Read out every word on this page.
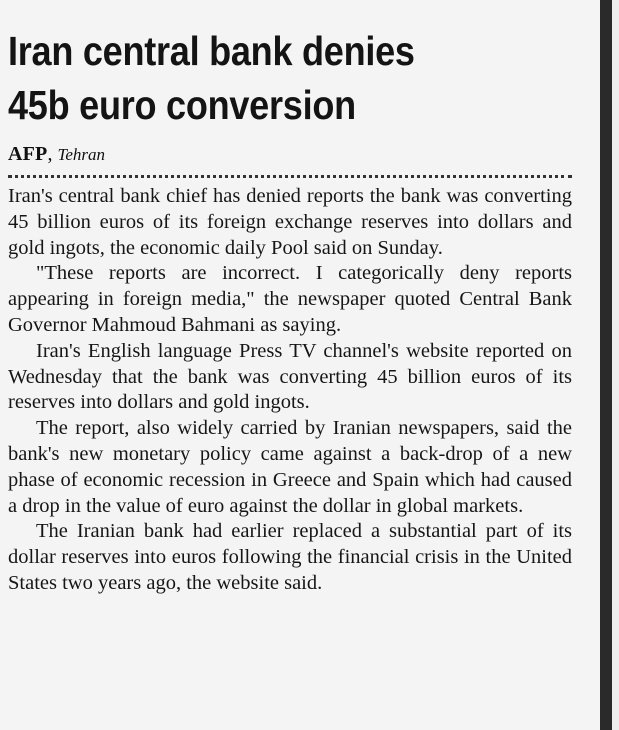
Iran central bank denies
45b euro conversion
AFP, Tehran

Iran's central bank chief has denied reports the bank was converting 45 billion euros of its foreign exchange reserves into dollars and gold ingots, the economic daily Pool said on Sunday.

"These reports are incorrect. I categorically deny reports appearing in foreign media," the newspaper quoted Central Bank Governor Mahmoud Bahmani as saying.

Iran's English language Press TV channel's website reported on Wednesday that the bank was converting 45 billion euros of its reserves into dollars and gold ingots.

The report, also widely carried by Iranian newspapers, said the bank's new monetary policy came against a back-drop of a new phase of economic recession in Greece and Spain which had caused a drop in the value of euro against the dollar in global markets.

The Iranian bank had earlier replaced a substantial part of its dollar reserves into euros following the financial crisis in the United States two years ago, the website said.
